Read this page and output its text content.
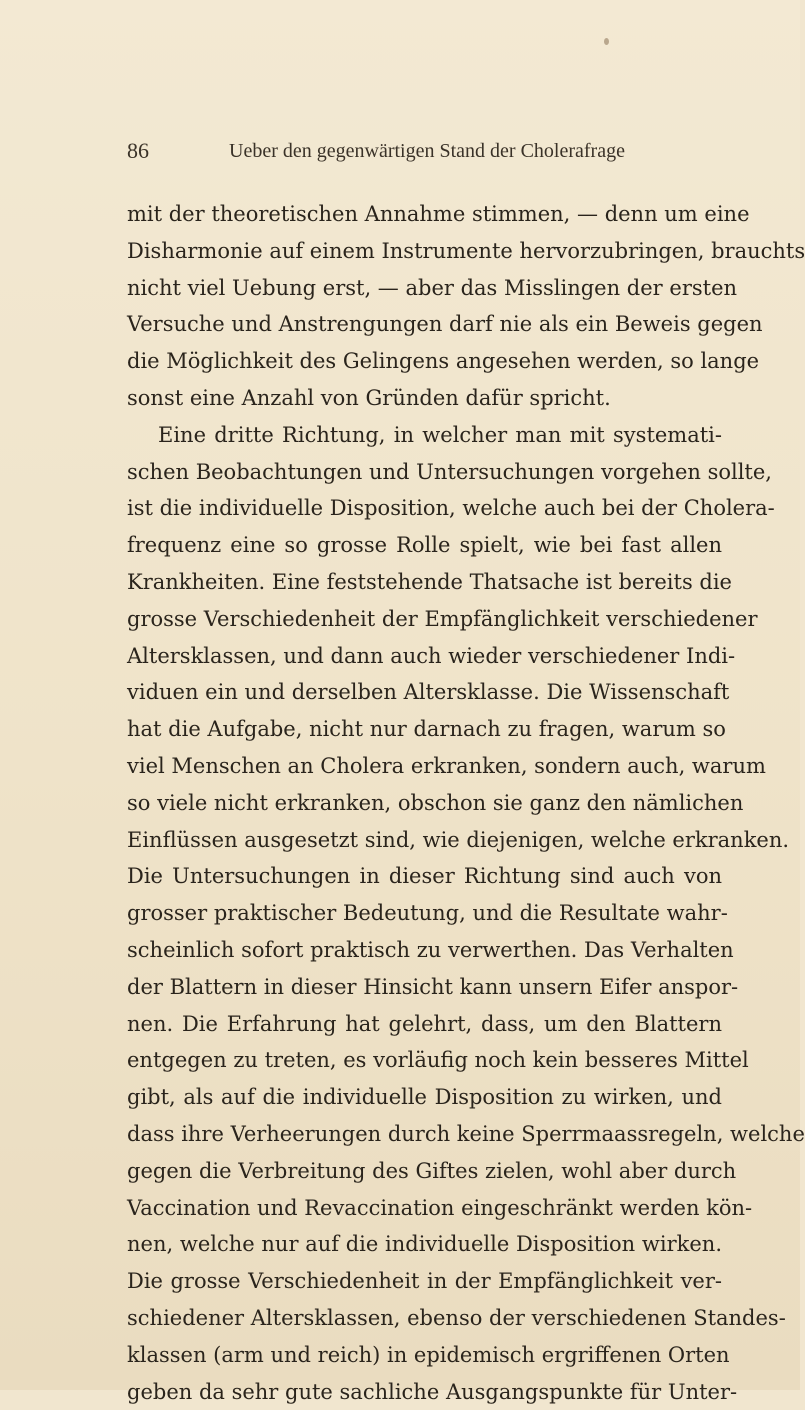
86	Ueber den gegenwärtigen Stand der Cholerafrage
mit der theoretischen Annahme stimmen, — denn um eine
Disharmonie auf einem Instrumente hervorzubringen, brauchts
nicht viel Uebung erst, — aber das Misslingen der ersten
Versuche und Anstrengungen darf nie als ein Beweis gegen
die Möglichkeit des Gelingens angesehen werden, so lange
sonst eine Anzahl von Gründen dafür spricht.
Eine dritte Richtung, in welcher man mit systemati-
schen Beobachtungen und Untersuchungen vorgehen sollte,
ist die individuelle Disposition, welche auch bei der Cholera-
frequenz eine so grosse Rolle spielt, wie bei fast allen
Krankheiten. Eine feststehende Thatsache ist bereits die
grosse Verschiedenheit der Empfänglichkeit verschiedener
Altersklassen, und dann auch wieder verschiedener Indi-
viduen ein und derselben Altersklasse. Die Wissenschaft
hat die Aufgabe, nicht nur darnach zu fragen, warum so
viel Menschen an Cholera erkranken, sondern auch, warum
so viele nicht erkranken, obschon sie ganz den nämlichen
Einflüssen ausgesetzt sind, wie diejenigen, welche erkranken.
Die Untersuchungen in dieser Richtung sind auch von
grosser praktischer Bedeutung, und die Resultate wahr-
scheinlich sofort praktisch zu verwerthen. Das Verhalten
der Blattern in dieser Hinsicht kann unsern Eifer anspor-
nen. Die Erfahrung hat gelehrt, dass, um den Blattern
entgegen zu treten, es vorläufig noch kein besseres Mittel
gibt, als auf die individuelle Disposition zu wirken, und
dass ihre Verheerungen durch keine Sperrmaassregeln, welche
gegen die Verbreitung des Giftes zielen, wohl aber durch
Vaccination und Revaccination eingeschränkt werden kön-
nen, welche nur auf die individuelle Disposition wirken.
Die grosse Verschiedenheit in der Empfänglichkeit ver-
schiedener Altersklassen, ebenso der verschiedenen Standes-
klassen (arm und reich) in epidemisch ergriffenen Orten
geben da sehr gute sachliche Ausgangspunkte für Unter-
